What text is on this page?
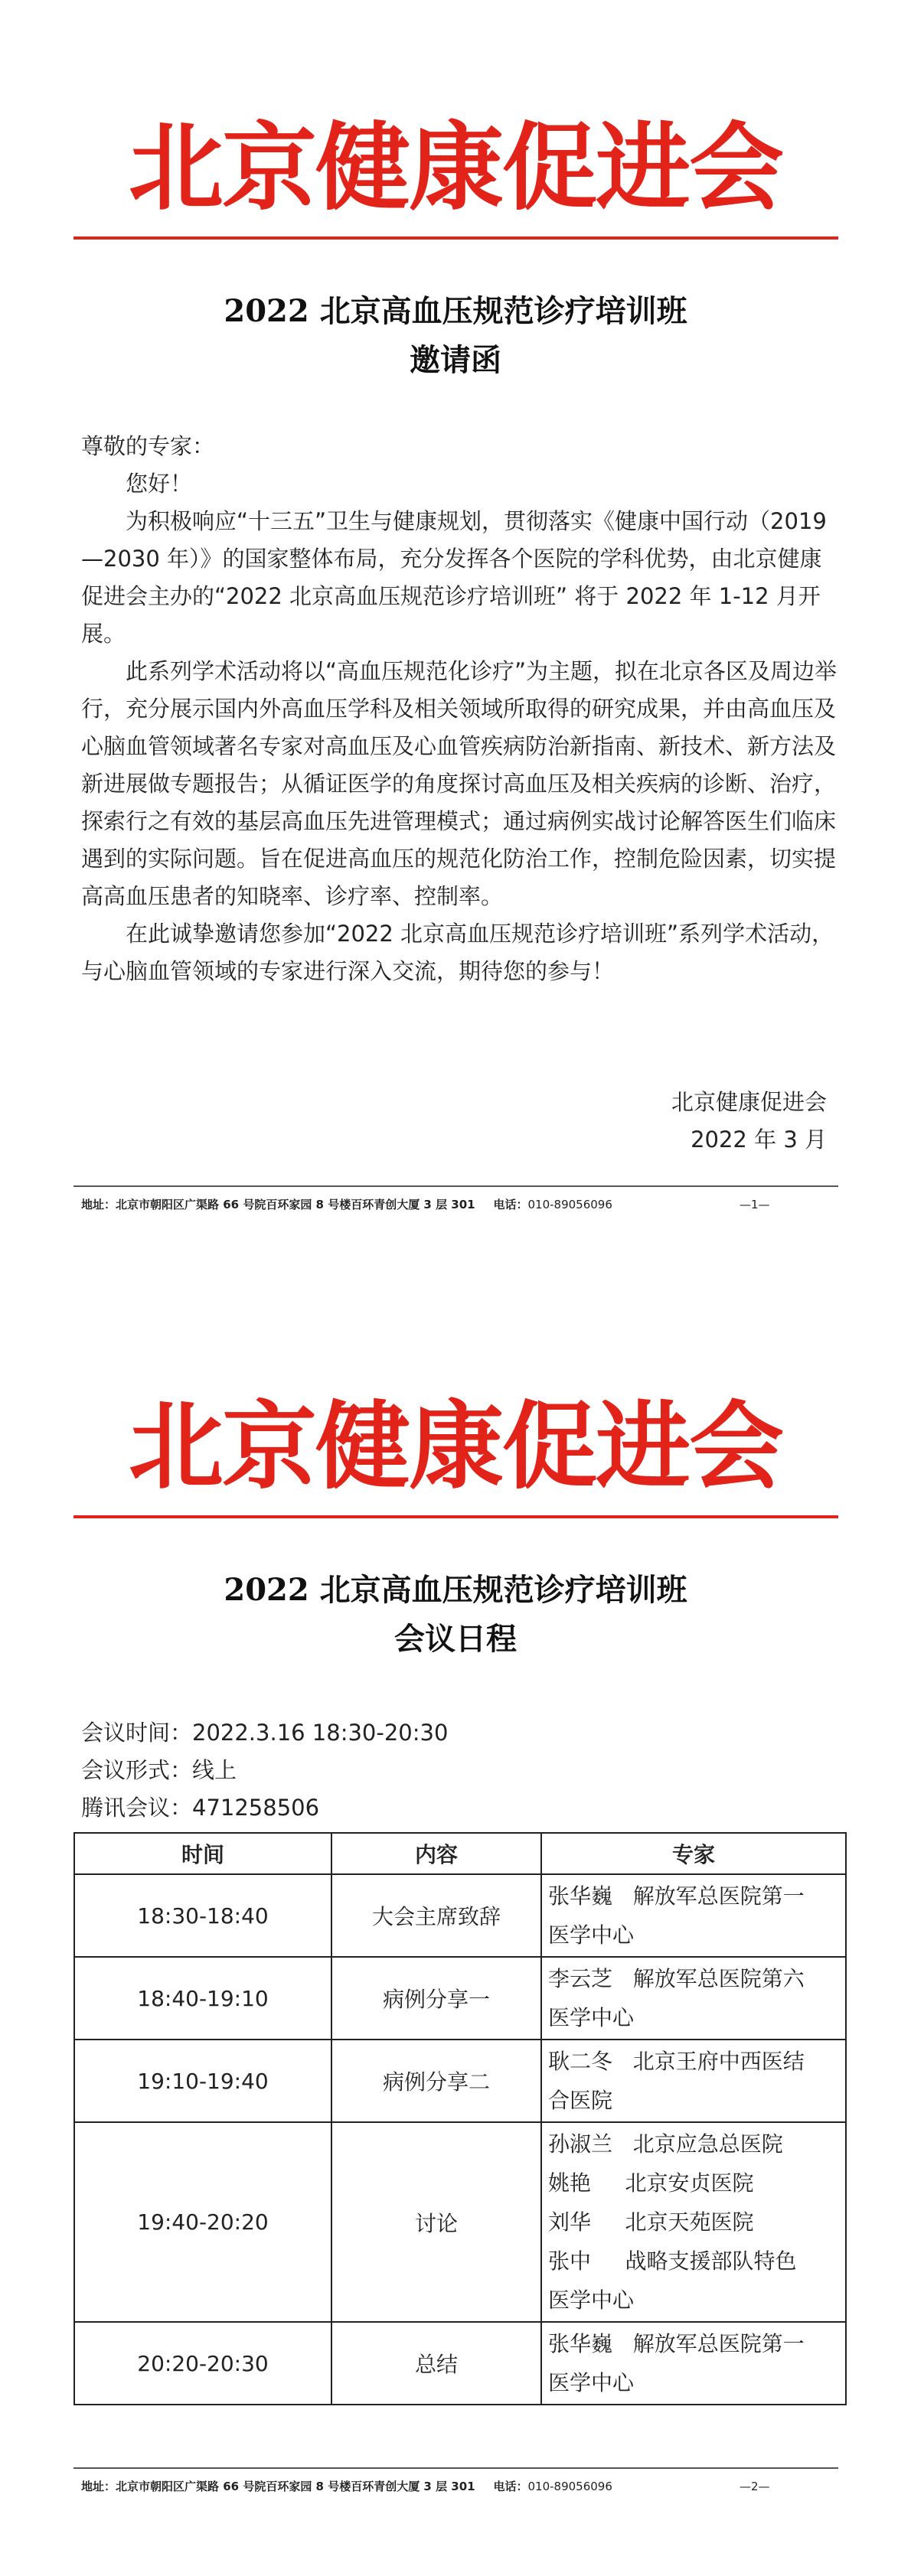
北京健康促进会
2022 北京高血压规范诊疗培训班
邀请函

尊敬的专家：

您好！

为积极响应“十三五”卫生与健康规划，贯彻落实《健康中国行动（2019—2030 年）》的国家整体布局，充分发挥各个医院的学科优势，由北京健康促进会主办的“2022 北京高血压规范诊疗培训班” 将于 2022 年 1-12 月开展。

此系列学术活动将以“高血压规范化诊疗”为主题，拟在北京各区及周边举行，充分展示国内外高血压学科及相关领域所取得的研究成果，并由高血压及心脑血管领域著名专家对高血压及心血管疾病防治新指南、新技术、新方法及新进展做专题报告；从循证医学的角度探讨高血压及相关疾病的诊断、治疗，探索行之有效的基层高血压先进管理模式；通过病例实战讨论解答医生们临床遇到的实际问题。旨在促进高血压的规范化防治工作，控制危险因素，切实提高高血压患者的知晓率、诊疗率、控制率。

在此诚挚邀请您参加“2022 北京高血压规范诊疗培训班”系列学术活动，与心脑血管领域的专家进行深入交流，期待您的参与！

北京健康促进会
2022 年 3 月
地址：北京市朝阳区广渠路 66 号院百环家园 8 号楼百环青创大厦 3 层 301 电话：010-89056096	—1—
北京健康促进会
2022 北京高血压规范诊疗培训班
会议日程
会议时间：2022.3.16 18:30-20:30
会议形式：线上
腾讯会议：471258506
时间	内容	专家
18:30-18:40	大会主席致辞	张华巍   解放军总医院第一
医学中心

18:40-19:10	病例分享一	李云芝   解放军总医院第六
医学中心

19:10-19:40	病例分享二	耿二冬   北京王府中西医结
合医院

19:40-20:20	讨论	孙淑兰   北京应急总医院
姚艳     北京安贞医院
刘华     北京天苑医院
张中     战略支援部队特色
医学中心

20:20-20:30	总结	张华巍   解放军总医院第一
医学中心
地址：北京市朝阳区广渠路 66 号院百环家园 8 号楼百环青创大厦 3 层 301 电话：010-89056096	—2—
